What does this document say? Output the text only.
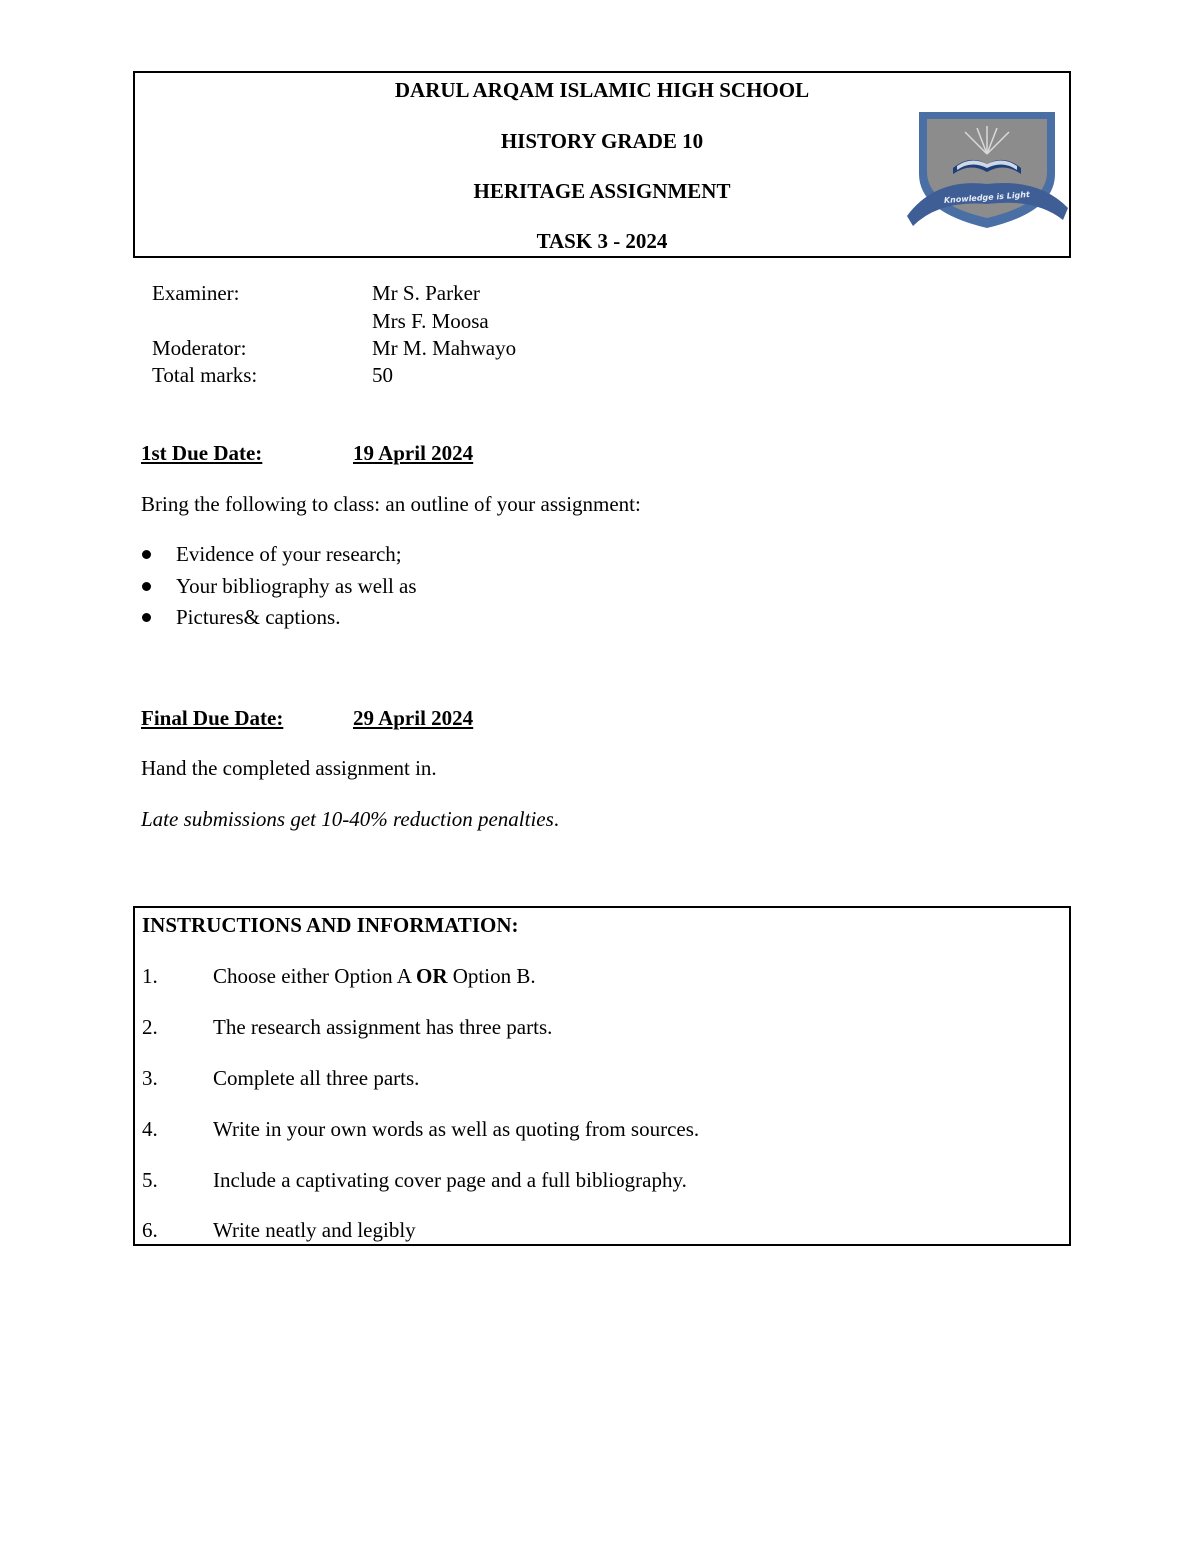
DARUL ARQAM ISLAMIC HIGH SCHOOL
HISTORY GRADE 10
HERITAGE ASSIGNMENT
TASK 3 - 2024
Knowledge is Light
Examiner:	Mr S. Parker
Mrs F. Moosa
Moderator:	Mr M. Mahwayo
Total marks:	50
1st Due Date:	19 April 2024
Bring the following to class: an outline of your assignment:
Evidence of your research;
Your bibliography as well as
Pictures& captions.
Final Due Date:	29 April 2024
Hand the completed assignment in.
Late submissions get 10-40% reduction penalties.
INSTRUCTIONS AND INFORMATION:
1.	Choose either Option A OR Option B.
2.	The research assignment has three parts.
3.	Complete all three parts.
4.	Write in your own words as well as quoting from sources.
5.	Include a captivating cover page and a full bibliography.
6.	Write neatly and legibly
